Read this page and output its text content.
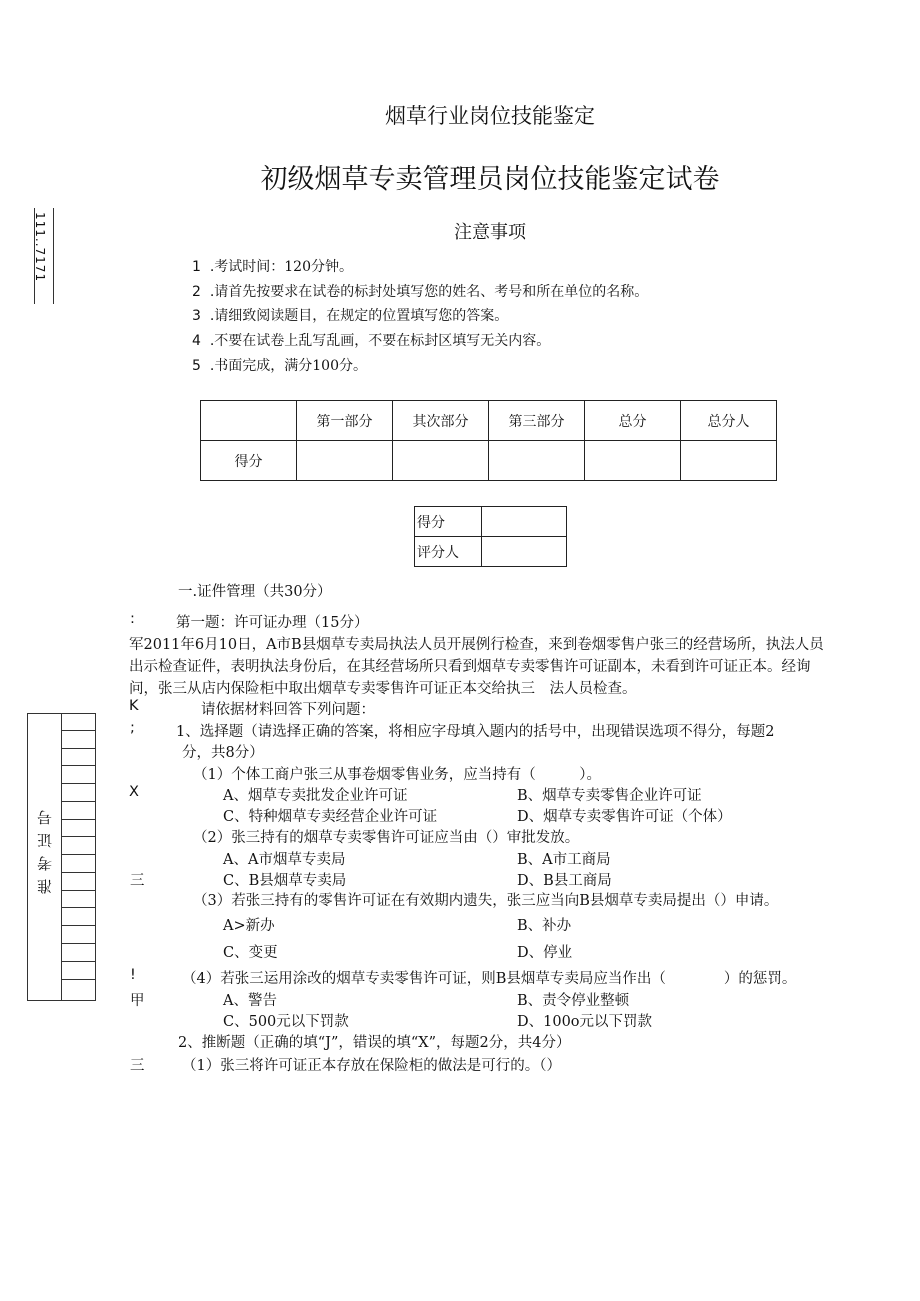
111..7171
准考证号
烟草行业岗位技能鉴定
初级烟草专卖管理员岗位技能鉴定试卷
注意事项
1 .考试时间：120分钟。
2 .请首先按要求在试卷的标封处填写您的姓名、考号和所在单位的名称。
3 .请细致阅读题目，在规定的位置填写您的答案。
4 .不要在试卷上乱写乱画，不要在标封区填写无关内容。
5 .书面完成，满分100分。
	第一部分	其次部分	第三部分	总分	总分人
得分					
得分	
评分人	
一.证件管理（共30分）
:	第一题：许可证办理（15分）
军2011年6月10日，A市B县烟草专卖局执法人员开展例行检查，来到卷烟零售户张三的经营场所，执法人员
出示检查证件，表明执法身份后，在其经营场所只看到烟草专卖零售许可证副本，未看到许可证正本。经询
问，张三从店内保险柜中取出烟草专卖零售许可证正本交给执三　法人员检查。
K	请依据材料回答下列问题：
;	1、选择题（请选择正确的答案，将相应字母填入题内的括号中，出现错误选项不得分，每题2
分，共8分）
（1）个体工商户张三从事卷烟零售业务，应当持有（　　　）。
X	A、烟草专卖批发企业许可证	B、烟草专卖零售企业许可证
C、特种烟草专卖经营企业许可证	D、烟草专卖零售许可证（个体）
（2）张三持有的烟草专卖零售许可证应当由（）审批发放。
A、A市烟草专卖局	B、A市工商局
三	C、B县烟草专卖局	D、B县工商局
（3）若张三持有的零售许可证在有效期内遗失，张三应当向B县烟草专卖局提出（）申请。
A>新办	B、补办
C、变更	D、停业
!	（4）若张三运用涂改的烟草专卖零售许可证，则B县烟草专卖局应当作出（　　　　）的惩罚。
甲	A、警告	B、责令停业整顿
C、500元以下罚款	D、100o元以下罚款
2、推断题（正确的填“J”，错误的填“X”，每题2分，共4分）
三	（1）张三将许可证正本存放在保险柜的做法是可行的。（）
